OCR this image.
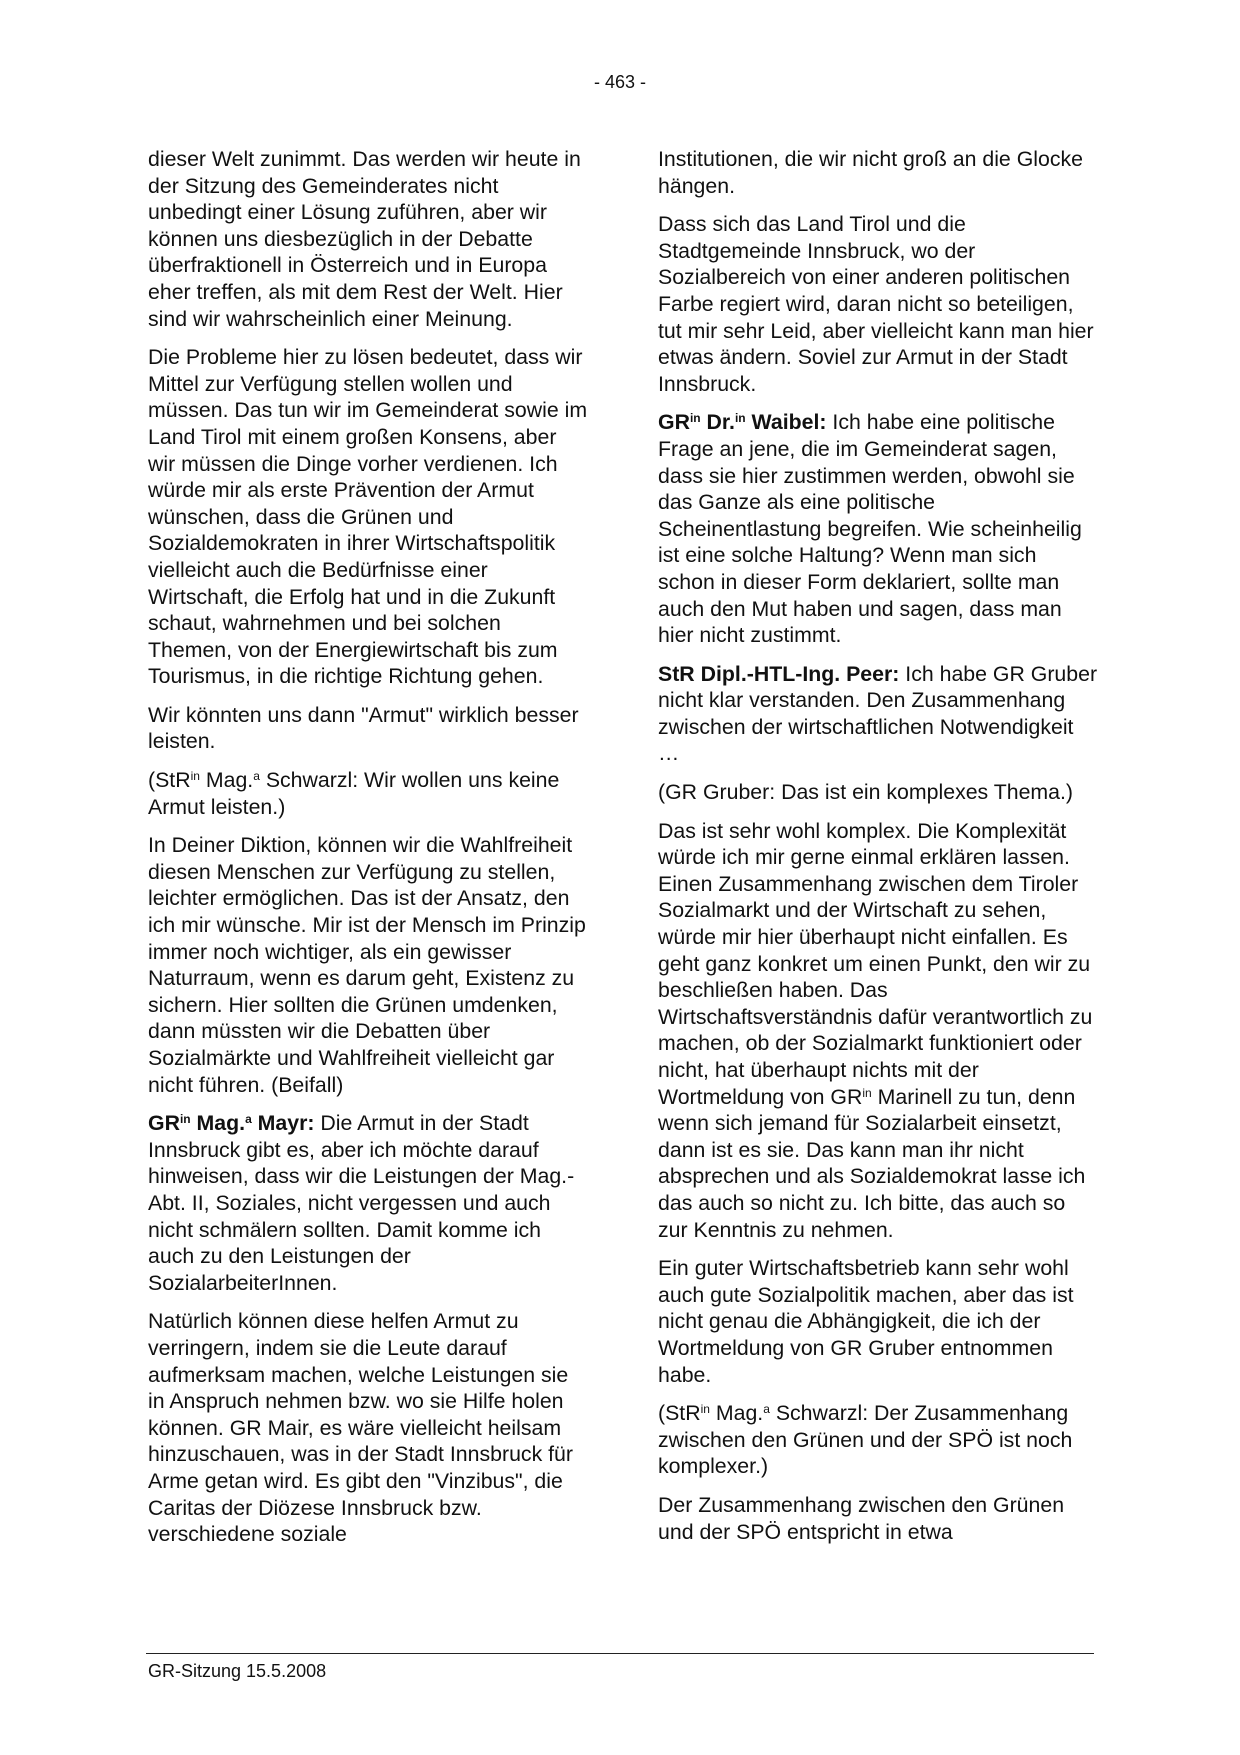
- 463 -

dieser Welt zunimmt. Das werden wir heute in der Sitzung des Gemeinderates nicht unbedingt einer Lösung zuführen, aber wir können uns diesbezüglich in der Debatte überfraktionell in Österreich und in Europa eher treffen, als mit dem Rest der Welt. Hier sind wir wahrscheinlich einer Meinung.

Die Probleme hier zu lösen bedeutet, dass wir Mittel zur Verfügung stellen wollen und müssen. Das tun wir im Gemeinderat sowie im Land Tirol mit einem großen Konsens, aber wir müssen die Dinge vorher verdienen. Ich würde mir als erste Prävention der Armut wünschen, dass die Grünen und Sozialdemokraten in ihrer Wirtschaftspolitik vielleicht auch die Bedürfnisse einer Wirtschaft, die Erfolg hat und in die Zukunft schaut, wahrnehmen und bei solchen Themen, von der Energiewirtschaft bis zum Tourismus, in die richtige Richtung gehen.

Wir könnten uns dann "Armut" wirklich besser leisten.

(StR$^{in}$ Mag.$^a$ Schwarzl: Wir wollen uns keine Armut leisten.)

In Deiner Diktion, können wir die Wahlfreiheit diesen Menschen zur Verfügung zu stellen, leichter ermöglichen. Das ist der Ansatz, den ich mir wünsche. Mir ist der Mensch im Prinzip immer noch wichtiger, als ein gewisser Naturraum, wenn es darum geht, Existenz zu sichern. Hier sollten die Grünen umdenken, dann müssten wir die Debatten über Sozialmärkte und Wahlfreiheit vielleicht gar nicht führen. (Beifall)

$GR^{in}$ Mag.$^a$ Mayr: Die Armut in der Stadt Innsbruck gibt es, aber ich möchte darauf hinweisen, dass wir die Leistungen der Mag.-Abt. II, Soziales, nicht vergessen und auch nicht schmälern sollten. Damit komme ich auch zu den Leistungen der SozialarbeiterInnen.

Natürlich können diese helfen Armut zu verringern, indem sie die Leute darauf aufmerksam machen, welche Leistungen sie in Anspruch nehmen bzw. wo sie Hilfe holen können. GR Mair, es wäre vielleicht heilsam hinzuschauen, was in der Stadt Innsbruck für Arme getan wird. Es gibt den "Vinzibus", die Caritas der Diözese Innsbruck bzw. verschiedene soziale

Institutionen, die wir nicht groß an die Glocke hängen.

Dass sich das Land Tirol und die Stadtgemeinde Innsbruck, wo der Sozialbereich von einer anderen politischen Farbe regiert wird, daran nicht so beteiligen, tut mir sehr Leid, aber vielleicht kann man hier etwas ändern. Soviel zur Armut in der Stadt Innsbruck.

$GR^{in}$ Dr.$^{in}$ Waibel: Ich habe eine politische Frage an jene, die im Gemeinderat sagen, dass sie hier zustimmen werden, obwohl sie das Ganze als eine politische Scheinentlastung begreifen. Wie scheinheilig ist eine solche Haltung? Wenn man sich schon in dieser Form deklariert, sollte man auch den Mut haben und sagen, dass man hier nicht zustimmt.

StR Dipl.-HTL-Ing. Peer: Ich habe GR Gruber nicht klar verstanden. Den Zusammenhang zwischen der wirtschaftlichen Notwendigkeit …

(GR Gruber: Das ist ein komplexes Thema.)

Das ist sehr wohl komplex. Die Komplexität würde ich mir gerne einmal erklären lassen. Einen Zusammenhang zwischen dem Tiroler Sozialmarkt und der Wirtschaft zu sehen, würde mir hier überhaupt nicht einfallen. Es geht ganz konkret um einen Punkt, den wir zu beschließen haben. Das Wirtschaftsverständnis dafür verantwortlich zu machen, ob der Sozialmarkt funktioniert oder nicht, hat überhaupt nichts mit der Wortmeldung von $GR^{in}$ Marinell zu tun, denn wenn sich jemand für Sozialarbeit einsetzt, dann ist es sie. Das kann man ihr nicht absprechen und als Sozialdemokrat lasse ich das auch so nicht zu. Ich bitte, das auch so zur Kenntnis zu nehmen.

Ein guter Wirtschaftsbetrieb kann sehr wohl auch gute Sozialpolitik machen, aber das ist nicht genau die Abhängigkeit, die ich der Wortmeldung von GR Gruber entnommen habe.

(StR$^{in}$ Mag.$^a$ Schwarzl: Der Zusammenhang zwischen den Grünen und der SPÖ ist noch komplexer.)

Der Zusammenhang zwischen den Grünen und der SPÖ entspricht in etwa

GR-Sitzung 15.5.2008
